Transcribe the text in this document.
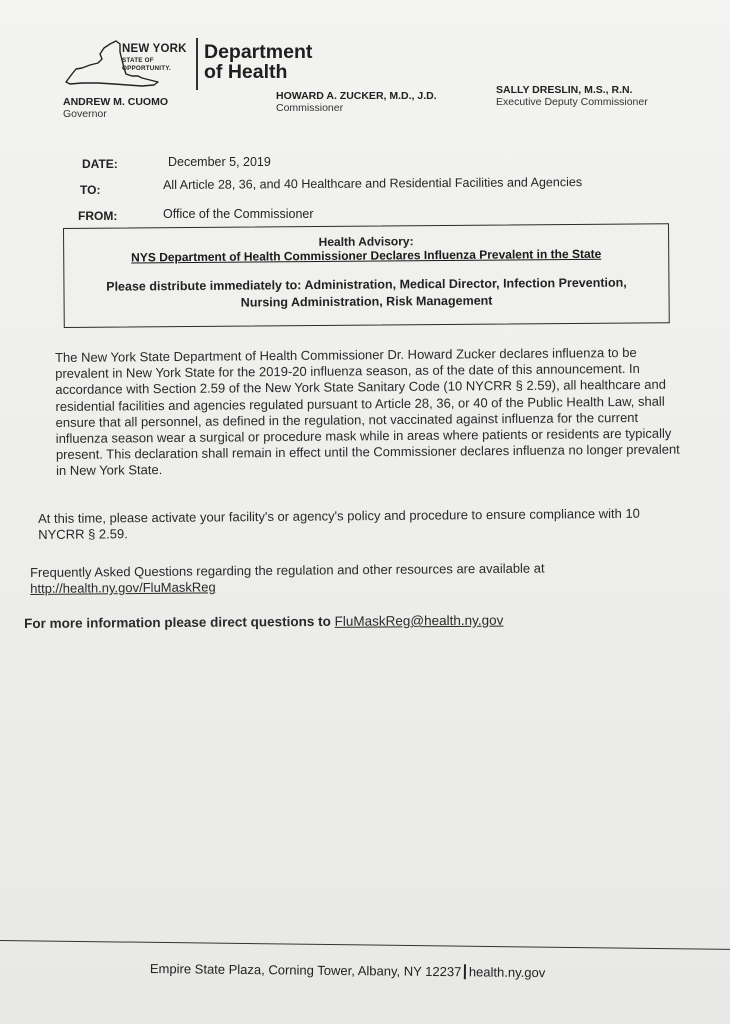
NEW YORK
STATE OF
OPPORTUNITY.
Department
of Health
ANDREW M. CUOMO
Governor
HOWARD A. ZUCKER, M.D., J.D.
Commissioner
SALLY DRESLIN, M.S., R.N.
Executive Deputy Commissioner
DATE:	December 5, 2019
TO:	All Article 28, 36, and 40 Healthcare and Residential Facilities and Agencies
FROM:	Office of the Commissioner
Health Advisory:
NYS Department of Health Commissioner Declares Influenza Prevalent in the State
Please distribute immediately to: Administration, Medical Director, Infection Prevention, Nursing Administration, Risk Management
The New York State Department of Health Commissioner Dr. Howard Zucker declares influenza to be prevalent in New York State for the 2019-20 influenza season, as of the date of this announcement. In accordance with Section 2.59 of the New York State Sanitary Code (10 NYCRR § 2.59), all healthcare and residential facilities and agencies regulated pursuant to Article 28, 36, or 40 of the Public Health Law, shall ensure that all personnel, as defined in the regulation, not vaccinated against influenza for the current influenza season wear a surgical or procedure mask while in areas where patients or residents are typically present. This declaration shall remain in effect until the Commissioner declares influenza no longer prevalent in New York State.
At this time, please activate your facility's or agency's policy and procedure to ensure compliance with 10 NYCRR § 2.59.
Frequently Asked Questions regarding the regulation and other resources are available at
http://health.ny.gov/FluMaskReg
For more information please direct questions to FluMaskReg@health.ny.gov
Empire State Plaza, Corning Tower, Albany, NY 12237 health.ny.gov
